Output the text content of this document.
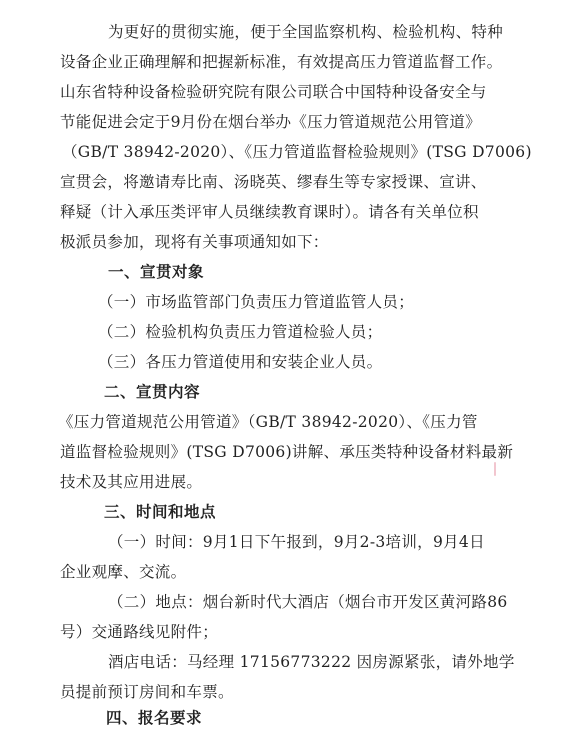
为更好的贯彻实施，便于全国监察机构、检验机构、特种
设备企业正确理解和把握新标准，有效提高压力管道监督工作。
山东省特种设备检验研究院有限公司联合中国特种设备安全与
节能促进会定于9月份在烟台举办《压力管道规范公用管道》
（GB/T 38942-2020）、《压力管道监督检验规则》(TSG D7006)
宣贯会，将邀请寿比南、汤晓英、缪春生等专家授课、宣讲、
释疑（计入承压类评审人员继续教育课时）。请各有关单位积
极派员参加，现将有关事项通知如下：
一、宣贯对象
（一）市场监管部门负责压力管道监管人员；
（二）检验机构负责压力管道检验人员；
（三）各压力管道使用和安装企业人员。
二、宣贯内容
《压力管道规范公用管道》（GB/T 38942-2020）、《压力管
道监督检验规则》(TSG D7006)讲解、承压类特种设备材料最新
技术及其应用进展。
三、时间和地点
（一）时间：9月1日下午报到，9月2-3培训，9月4日
企业观摩、交流。
（二）地点：烟台新时代大酒店（烟台市开发区黄河路86
号）交通路线见附件；
酒店电话：马经理 17156773222 因房源紧张，请外地学
员提前预订房间和车票。
四、报名要求
